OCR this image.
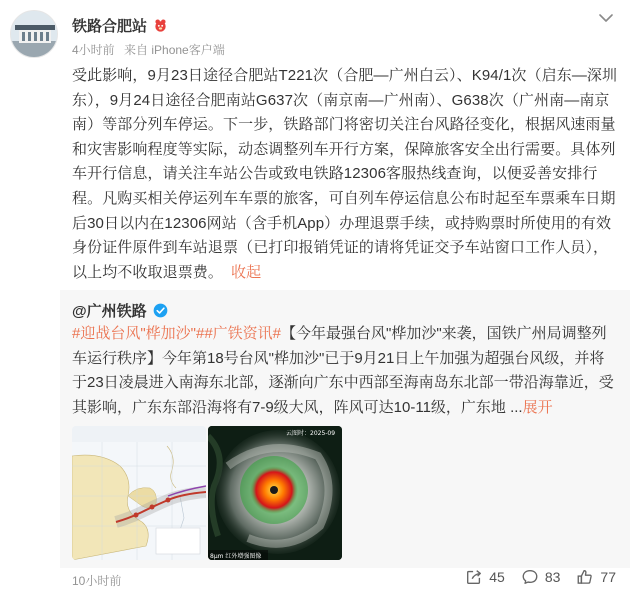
铁路合肥站
4小时前 来自 iPhone客户端
受此影响，9月23日途径合肥站T221次（合肥—广州白云）、K94/1次（启东—深圳东），9月24日途径合肥南站G637次（南京南—广州南）、G638次（广州南—南京南）等部分列车停运。下一步，铁路部门将密切关注台风路径变化，根据风速雨量和灾害影响程度等实际，动态调整列车开行方案，保障旅客安全出行需要。具体列车开行信息，请关注车站公告或致电铁路12306客服热线查询，以便妥善安排行程。凡购买相关停运列车车票的旅客，可自列车停运信息公布时起至车票乘车日期后30日以内在12306网站（含手机App）办理退票手续，或持购票时所使用的有效身份证件原件到车站退票（已打印报销凭证的请将凭证交予车站窗口工作人员），以上均不收取退票费。 收起
@广州铁路
#迎战台风"桦加沙"##广铁资讯#【今年最强台风"桦加沙"来袭，国铁广州局调整列车运行秩序】今年第18号台风"桦加沙"已于9月21日上午加强为超强台风级，并将于23日凌晨进入南海东北部，逐渐向广东中西部至海南岛东北部一带沿海靠近，受其影响，广东东部沿海将有7-9级大风，阵风可达10-11级，广东地 ...展开
8μm 红外增强图像
云图时：2025-09
10小时前	45	83	77
